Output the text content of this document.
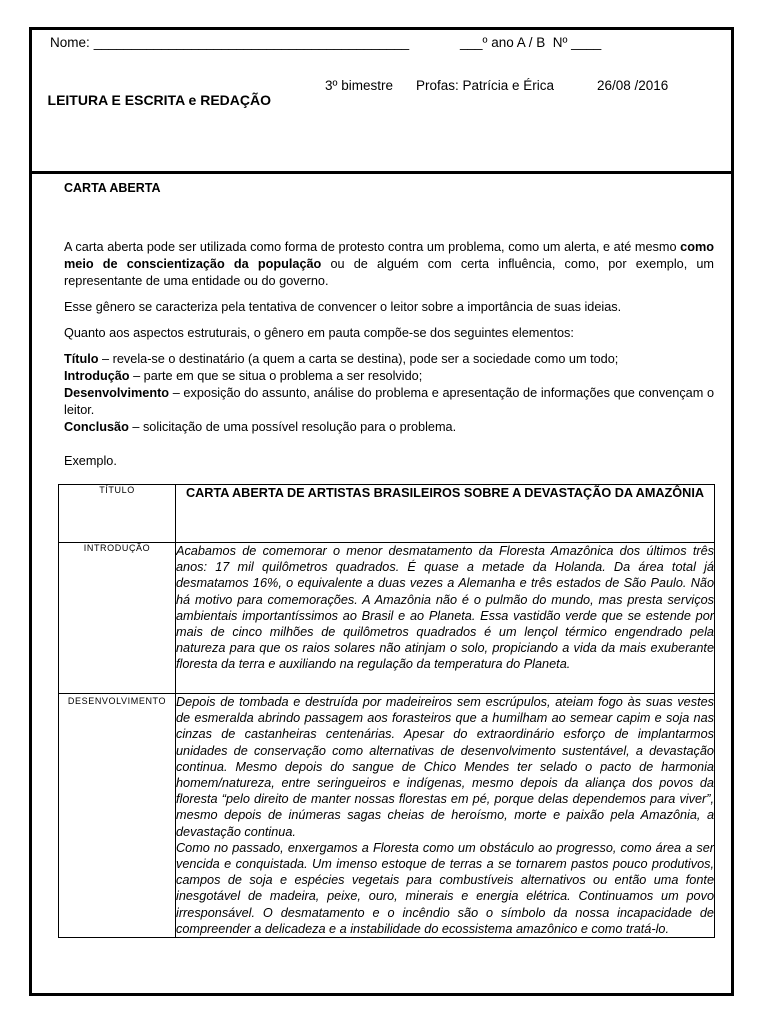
Nome: __________________________________________	___º ano A / B  Nº ____

LEITURA E ESCRITA e REDAÇÃO

3º bimestre

Profas: Patrícia e Érica

	26/08 /2016

CARTA ABERTA

A carta aberta pode ser utilizada como forma de protesto contra um problema, como um alerta, e até mesmo como meio de conscientização da população ou de alguém com certa influência, como, por exemplo, um representante de uma entidade ou do governo.

Esse gênero se caracteriza pela tentativa de convencer o leitor sobre a importância de suas ideias.

Quanto aos aspectos estruturais, o gênero em pauta compõe-se dos seguintes elementos:

Título – revela-se o destinatário (a quem a carta se destina), pode ser a sociedade como um todo;
Introdução – parte em que se situa o problema a ser resolvido;
Desenvolvimento – exposição do assunto, análise do problema e apresentação de informações que convençam o leitor.
Conclusão – solicitação de uma possível resolução para o problema.

Exemplo.

TÍTULO	CARTA ABERTA DE ARTISTAS BRASILEIROS SOBRE A DEVASTAÇÃO DA AMAZÔNIA
INTRODUÇÃO	Acabamos de comemorar o menor desmatamento da Floresta Amazônica dos últimos três anos: 17 mil quilômetros quadrados. É quase a metade da Holanda. Da área total já desmatamos 16%, o equivalente a duas vezes a Alemanha e três estados de São Paulo. Não há motivo para comemorações. A Amazônia não é o pulmão do mundo, mas presta serviços ambientais importantíssimos ao Brasil e ao Planeta. Essa vastidão verde que se estende por mais de cinco milhões de quilômetros quadrados é um lençol térmico engendrado pela natureza para que os raios solares não atinjam o solo, propiciando a vida da mais exuberante floresta da terra e auxiliando na regulação da temperatura do Planeta.
DESENVOLVIMENTO	Depois de tombada e destruída por madeireiros sem escrúpulos, ateiam fogo às suas vestes de esmeralda abrindo passagem aos forasteiros que a humilham ao semear capim e soja nas cinzas de castanheiras centenárias. Apesar do extraordinário esforço de implantarmos unidades de conservação como alternativas de desenvolvimento sustentável, a devastação continua. Mesmo depois do sangue de Chico Mendes ter selado o pacto de harmonia homem/natureza, entre seringueiros e indígenas, mesmo depois da aliança dos povos da floresta “pelo direito de manter nossas florestas em pé, porque delas dependemos para viver”, mesmo depois de inúmeras sagas cheias de heroísmo, morte e paixão pela Amazônia, a devastação continua.
Como no passado, enxergamos a Floresta como um obstáculo ao progresso, como área a ser vencida e conquistada. Um imenso estoque de terras a se tornarem pastos pouco produtivos, campos de soja e espécies vegetais para combustíveis alternativos ou então uma fonte inesgotável de madeira, peixe, ouro, minerais e energia elétrica. Continuamos um povo irresponsável. O desmatamento e o incêndio são o símbolo da nossa incapacidade de compreender a delicadeza e a instabilidade do ecossistema amazônico e como tratá-lo.
